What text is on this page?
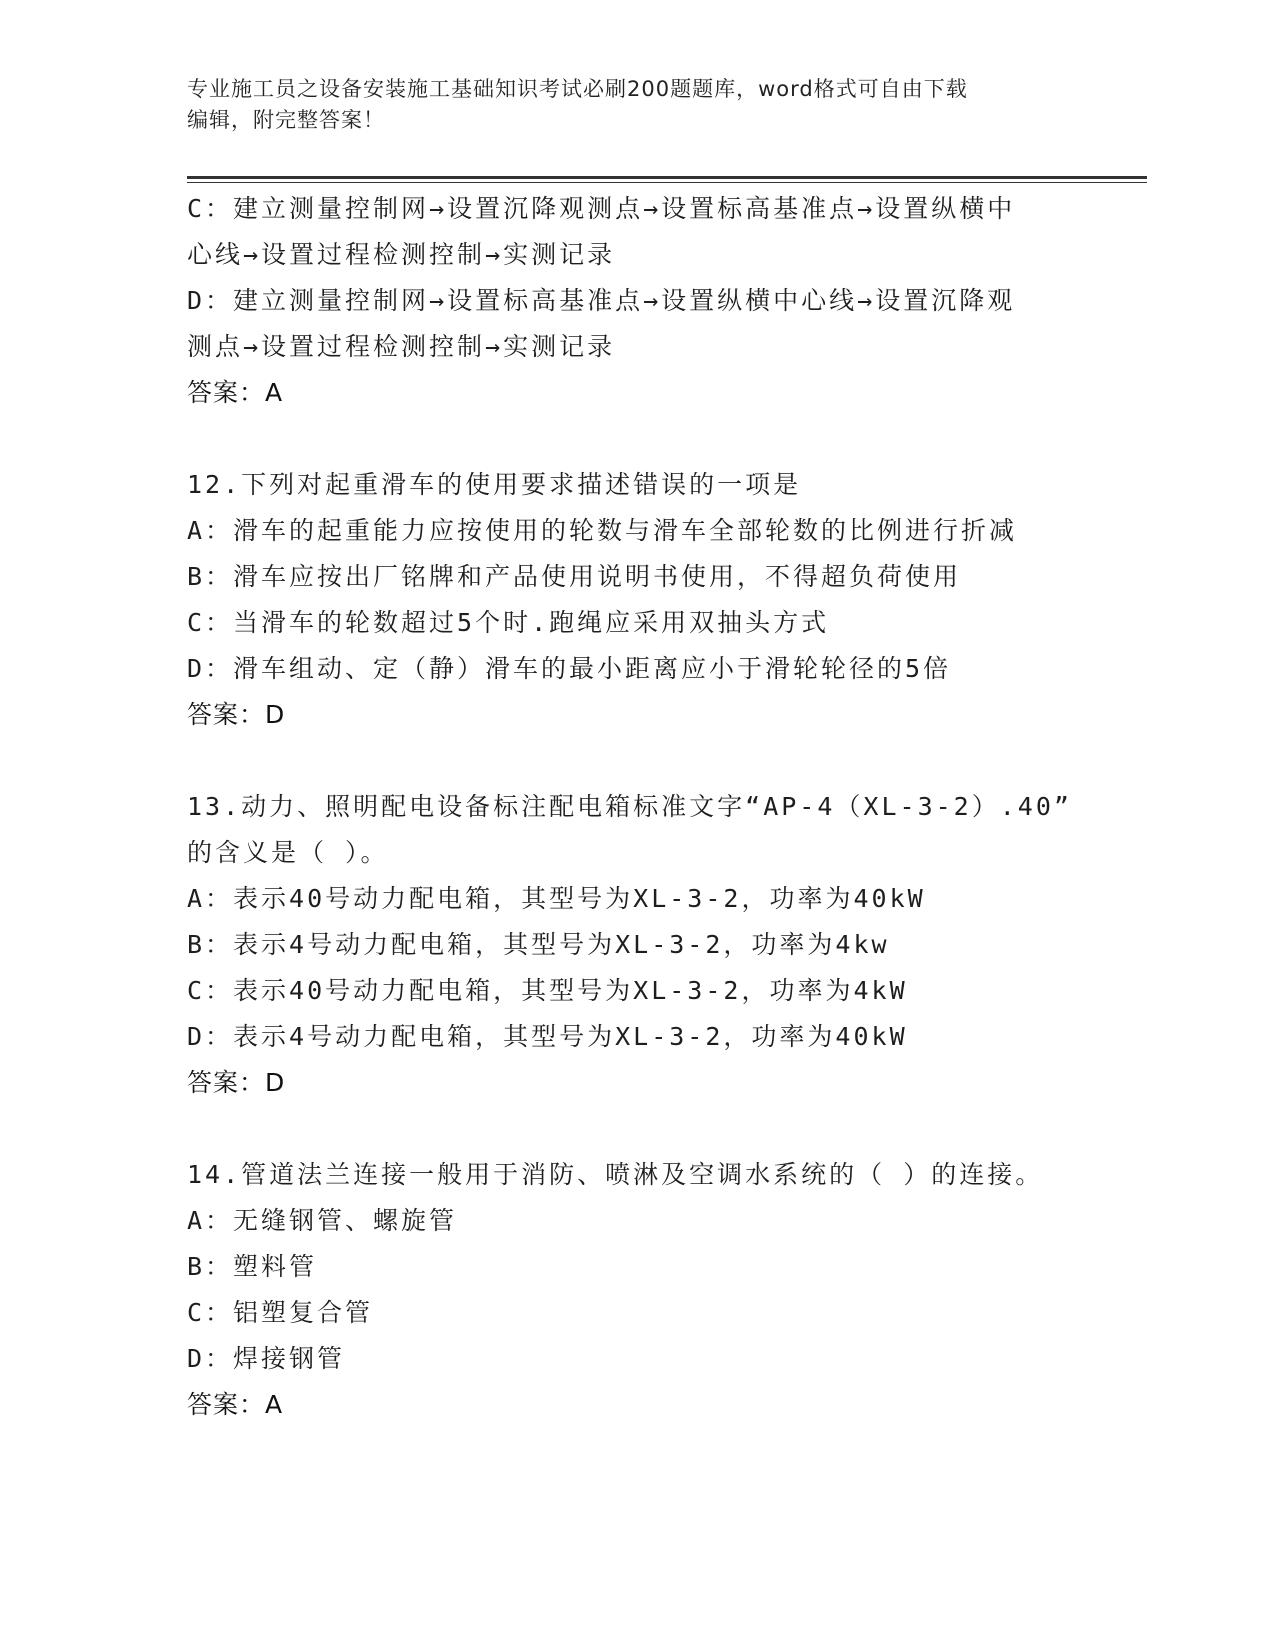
专业施工员之设备安装施工基础知识考试必刷200题题库，word格式可自由下载
编辑，附完整答案！
C：建立测量控制网→设置沉降观测点→设置标高基准点→设置纵横中
心线→设置过程检测控制→实测记录
D：建立测量控制网→设置标高基准点→设置纵横中心线→设置沉降观
测点→设置过程检测控制→实测记录
答案：A
12.下列对起重滑车的使用要求描述错误的一项是
A：滑车的起重能力应按使用的轮数与滑车全部轮数的比例进行折减
B：滑车应按出厂铭牌和产品使用说明书使用，不得超负荷使用
C：当滑车的轮数超过5个时.跑绳应采用双抽头方式
D：滑车组动、定（静）滑车的最小距离应小于滑轮轮径的5倍
答案：D
13.动力、照明配电设备标注配电箱标准文字“AP-4（XL-3-2）.40”
的含义是（ ）。
A：表示40号动力配电箱，其型号为XL-3-2，功率为40kW
B：表示4号动力配电箱，其型号为XL-3-2，功率为4kw
C：表示40号动力配电箱，其型号为XL-3-2，功率为4kW
D：表示4号动力配电箱，其型号为XL-3-2，功率为40kW
答案：D
14.管道法兰连接一般用于消防、喷淋及空调水系统的（ ）的连接。
A：无缝钢管、螺旋管
B：塑料管
C：铝塑复合管
D：焊接钢管
答案：A
